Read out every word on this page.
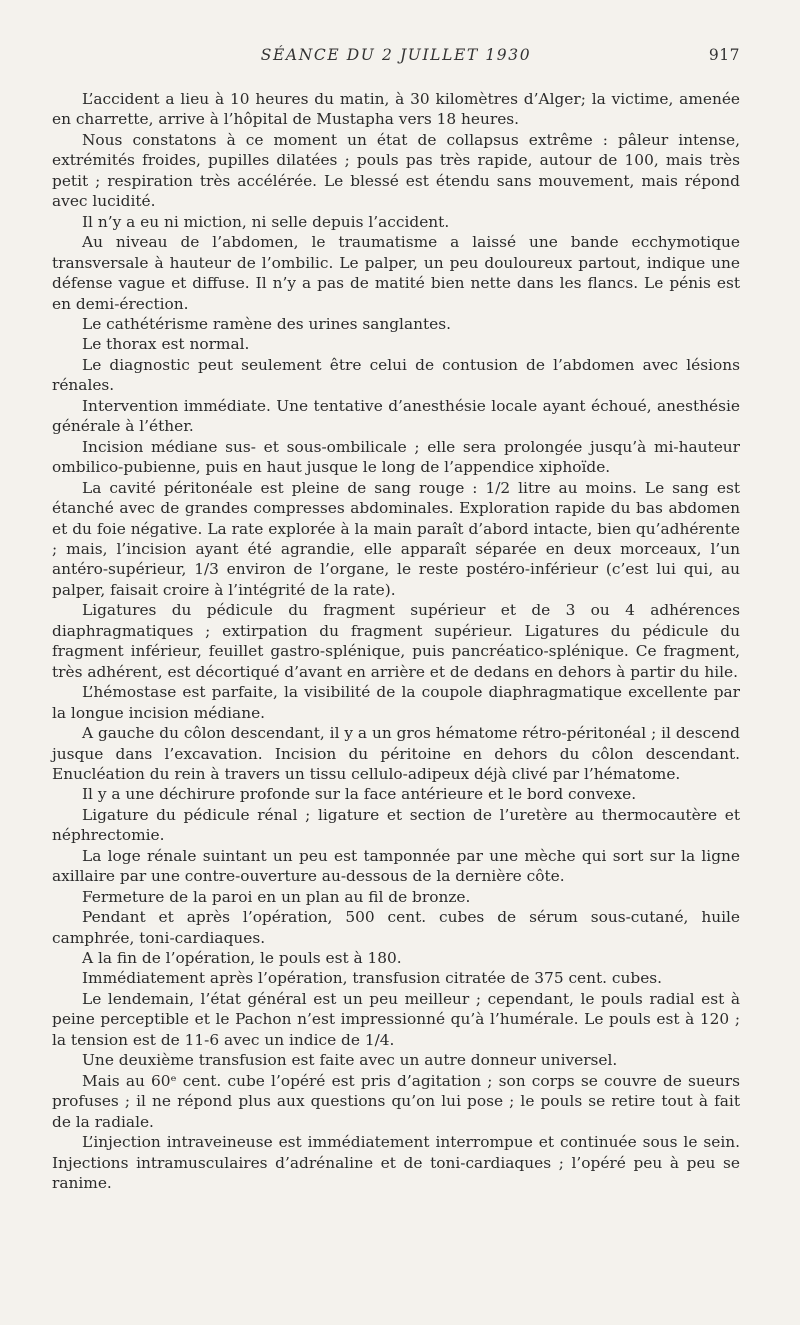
SÉANCE DU 2 JUILLET 1930	917

L’accident a lieu à 10 heures du matin, à 30 kilomètres d’Alger; la victime, amenée en charrette, arrive à l’hôpital de Mustapha vers 18 heures.

Nous constatons à ce moment un état de collapsus extrême : pâleur intense, extrémités froides, pupilles dilatées ; pouls pas très rapide, autour de 100, mais très petit ; respiration très accélérée. Le blessé est étendu sans mouvement, mais répond avec lucidité.

Il n’y a eu ni miction, ni selle depuis l’accident.

Au niveau de l’abdomen, le traumatisme a laissé une bande ecchymotique transversale à hauteur de l’ombilic. Le palper, un peu douloureux partout, indique une défense vague et diffuse. Il n’y a pas de matité bien nette dans les flancs. Le pénis est en demi-érection.

Le cathétérisme ramène des urines sanglantes.

Le thorax est normal.

Le diagnostic peut seulement être celui de contusion de l’abdomen avec lésions rénales.

Intervention immédiate. Une tentative d’anesthésie locale ayant échoué, anesthésie générale à l’éther.

Incision médiane sus- et sous-ombilicale ; elle sera prolongée jusqu’à mi-hauteur ombilico-pubienne, puis en haut jusque le long de l’appendice xiphoïde.

La cavité péritonéale est pleine de sang rouge : 1/2 litre au moins. Le sang est étanché avec de grandes compresses abdominales. Exploration rapide du bas abdomen et du foie négative. La rate explorée à la main paraît d’abord intacte, bien qu’adhérente ; mais, l’incision ayant été agrandie, elle apparaît séparée en deux morceaux, l’un antéro-supérieur, 1/3 environ de l’organe, le reste postéro-inférieur (c’est lui qui, au palper, faisait croire à l’intégrité de la rate).

Ligatures du pédicule du fragment supérieur et de 3 ou 4 adhérences diaphragmatiques ; extirpation du fragment supérieur. Ligatures du pédicule du fragment inférieur, feuillet gastro-splénique, puis pancréatico-splénique. Ce fragment, très adhérent, est décortiqué d’avant en arrière et de dedans en dehors à partir du hile.

L’hémostase est parfaite, la visibilité de la coupole diaphragmatique excellente par la longue incision médiane.

A gauche du côlon descendant, il y a un gros hématome rétro-péritonéal ; il descend jusque dans l’excavation. Incision du péritoine en dehors du côlon descendant. Enucléation du rein à travers un tissu cellulo-adipeux déjà clivé par l’hématome.

Il y a une déchirure profonde sur la face antérieure et le bord convexe.

Ligature du pédicule rénal ; ligature et section de l’uretère au thermocautère et néphrectomie.

La loge rénale suintant un peu est tamponnée par une mèche qui sort sur la ligne axillaire par une contre-ouverture au-dessous de la dernière côte.

Fermeture de la paroi en un plan au fil de bronze.

Pendant et après l’opération, 500 cent. cubes de sérum sous-cutané, huile camphrée, toni-cardiaques.

A la fin de l’opération, le pouls est à 180.

Immédiatement après l’opération, transfusion citratée de 375 cent. cubes.

Le lendemain, l’état général est un peu meilleur ; cependant, le pouls radial est à peine perceptible et le Pachon n’est impressionné qu’à l’humérale. Le pouls est à 120 ; la tension est de 11-6 avec un indice de 1/4.

Une deuxième transfusion est faite avec un autre donneur universel.

Mais au 60ᵉ cent. cube l’opéré est pris d’agitation ; son corps se couvre de sueurs profuses ; il ne répond plus aux questions qu’on lui pose ; le pouls se retire tout à fait de la radiale.

L’injection intraveineuse est immédiatement interrompue et continuée sous le sein. Injections intramusculaires d’adrénaline et de toni-cardiaques ; l’opéré peu à peu se ranime.
